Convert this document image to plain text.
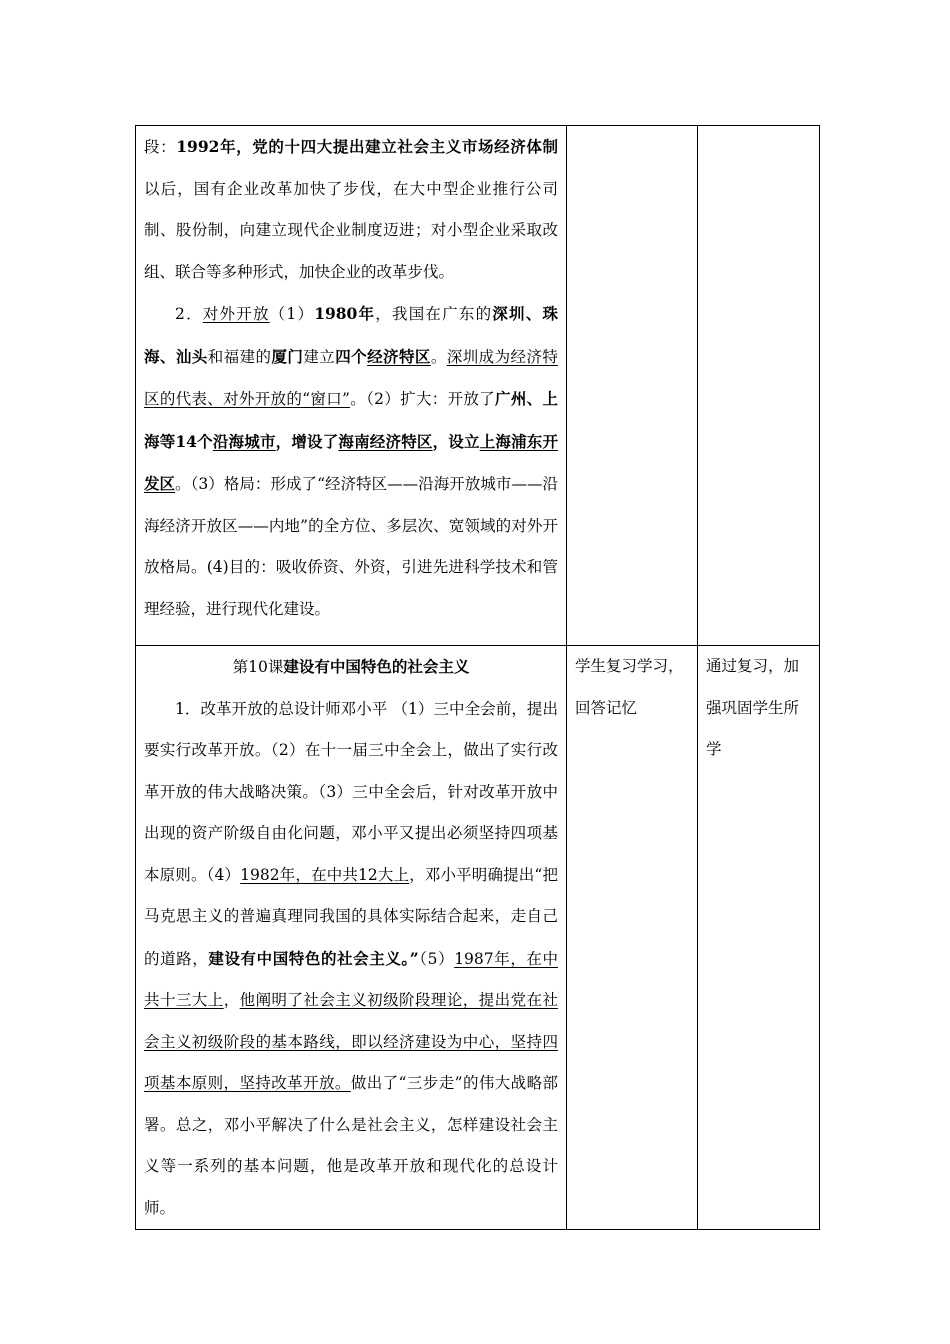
段：1992年，党的十四大提出建立社会主义市场经济体制以后，国有企业改革加快了步伐，在大中型企业推行公司制、股份制，向建立现代企业制度迈进；对小型企业采取改组、联合等多种形式，加快企业的改革步伐。

2．对外开放（1）1980年，我国在广东的深圳、珠海、汕头和福建的厦门建立四个经济特区。深圳成为经济特区的代表、对外开放的“窗口”。（2）扩大：开放了广州、上海等14个沿海城市，增设了海南经济特区，设立上海浦东开发区。（3）格局：形成了“经济特区——沿海开放城市——沿海经济开放区——内地”的全方位、多层次、宽领域的对外开放格局。(4)目的：吸收侨资、外资，引进先进科学技术和管理经验，进行现代化建设。		

第10课建设有中国特色的社会主义

1．改革开放的总设计师邓小平 （1）三中全会前，提出要实行改革开放。（2）在十一届三中全会上，做出了实行改革开放的伟大战略决策。（3）三中全会后，针对改革开放中出现的资产阶级自由化问题，邓小平又提出必须坚持四项基本原则。（4）1982年，在中共12大上，邓小平明确提出“把马克思主义的普遍真理同我国的具体实际结合起来，走自己的道路，建设有中国特色的社会主义。”（5）1987年，在中共十三大上，他阐明了社会主义初级阶段理论，提出党在社会主义初级阶段的基本路线，即以经济建设为中心，坚持四项基本原则，坚持改革开放。做出了“三步走”的伟大战略部署。总之，邓小平解决了什么是社会主义，怎样建设社会主义等一系列的基本问题，他是改革开放和现代化的总设计师。	学生复习学习，回答记忆	通过复习，加强巩固学生所学
